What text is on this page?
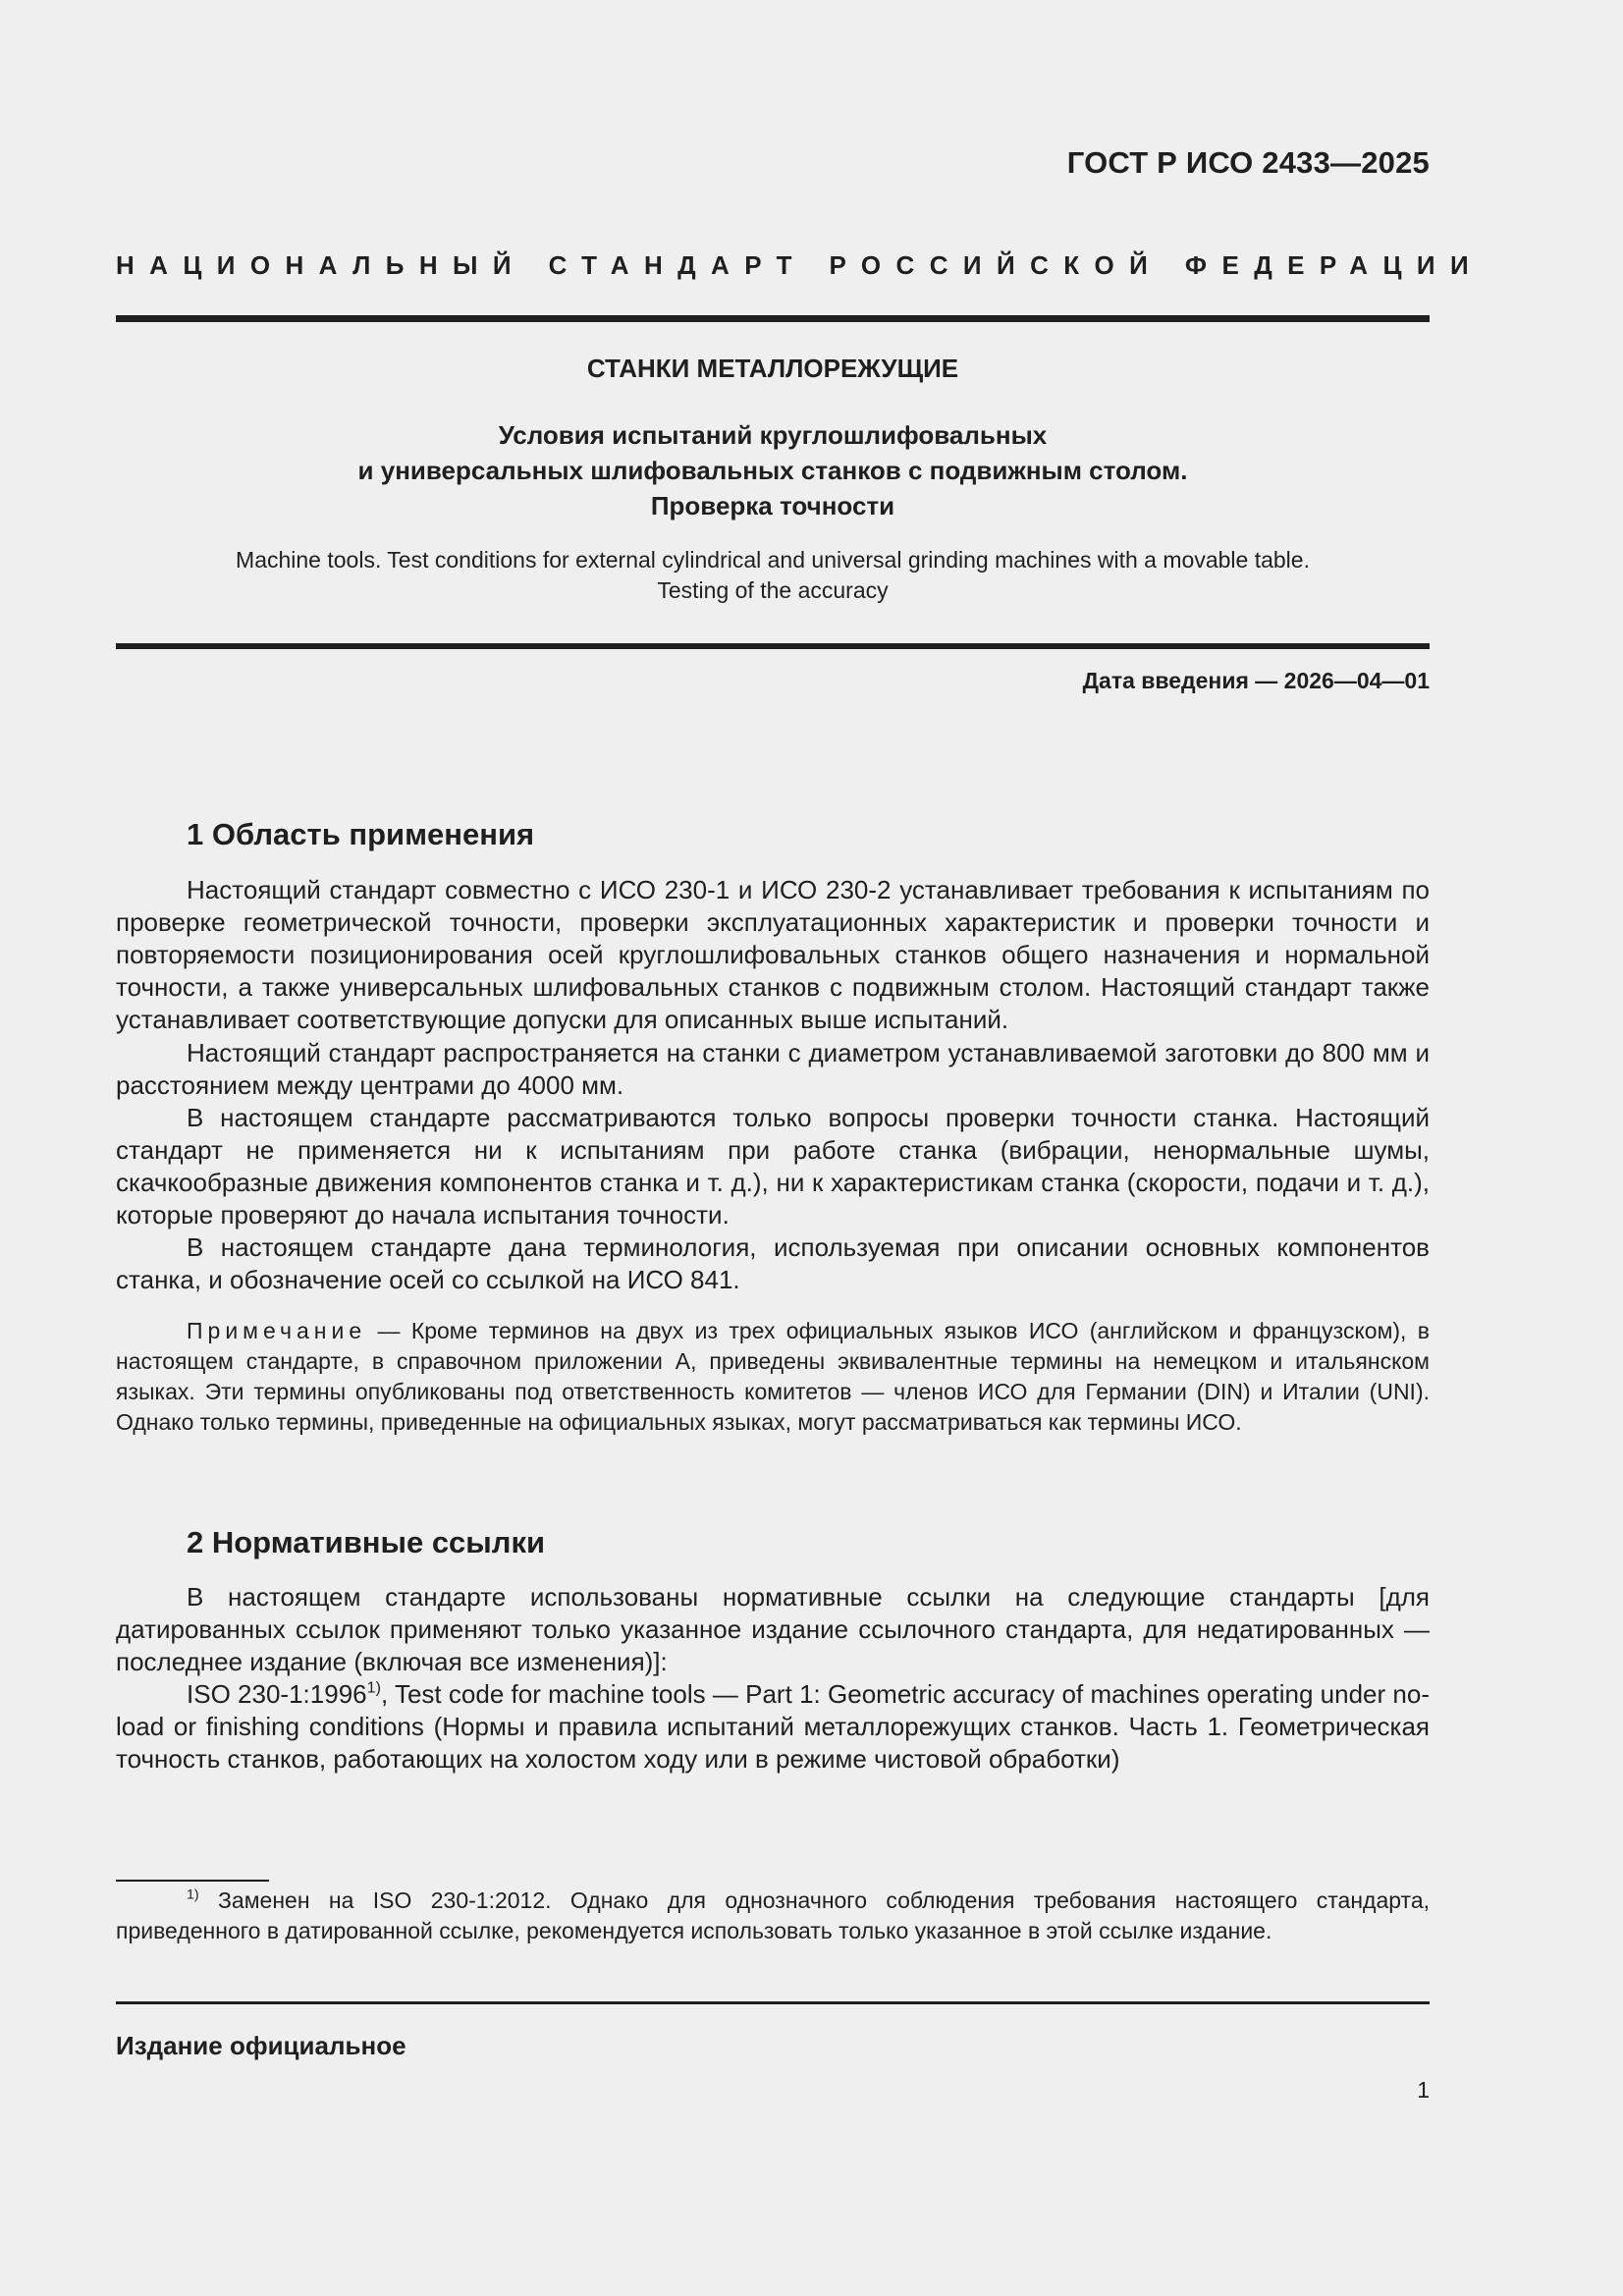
ГОСТ Р ИСО 2433—2025
НАЦИОНАЛЬНЫЙ СТАНДАРТ РОССИЙСКОЙ ФЕДЕРАЦИИ
СТАНКИ МЕТАЛЛОРЕЖУЩИЕ
Условия испытаний круглошлифовальных
и универсальных шлифовальных станков с подвижным столом.
Проверка точности
Machine tools. Test conditions for external cylindrical and universal grinding machines with a movable table.
Testing of the accuracy
Дата введения — 2026—04—01
1 Область применения

Настоящий стандарт совместно с ИСО 230-1 и ИСО 230-2 устанавливает требования к испытаниям по проверке геометрической точности, проверки эксплуатационных характеристик и проверки точности и повторяемости позиционирования осей круглошлифовальных станков общего назначения и нормальной точности, а также универсальных шлифовальных станков с подвижным столом. Настоящий стандарт также устанавливает соответствующие допуски для описанных выше испытаний.

Настоящий стандарт распространяется на станки с диаметром устанавливаемой заготовки до 800 мм и расстоянием между центрами до 4000 мм.

В настоящем стандарте рассматриваются только вопросы проверки точности станка. Настоящий стандарт не применяется ни к испытаниям при работе станка (вибрации, ненормальные шумы, скачкообразные движения компонентов станка и т. д.), ни к характеристикам станка (скорости, подачи и т. д.), которые проверяют до начала испытания точности.

В настоящем стандарте дана терминология, используемая при описании основных компонентов станка, и обозначение осей со ссылкой на ИСО 841.

Примечание — Кроме терминов на двух из трех официальных языков ИСО (английском и французском), в настоящем стандарте, в справочном приложении А, приведены эквивалентные термины на немецком и итальянском языках. Эти термины опубликованы под ответственность комитетов — членов ИСО для Германии (DIN) и Италии (UNI). Однако только термины, приведенные на официальных языках, могут рассматриваться как термины ИСО.

2 Нормативные ссылки

В настоящем стандарте использованы нормативные ссылки на следующие стандарты [для датированных ссылок применяют только указанное издание ссылочного стандарта, для недатированных — последнее издание (включая все изменения)]:

ISO 230-1:1996$^{1)}$, Test code for machine tools — Part 1: Geometric accuracy of machines operating under no-load or finishing conditions (Нормы и правила испытаний металлорежущих станков. Часть 1. Геометрическая точность станков, работающих на холостом ходу или в режиме чистовой обработки)

$^{1)}$ Заменен на ISO 230-1:2012. Однако для однозначного соблюдения требования настоящего стандарта, приведенного в датированной ссылке, рекомендуется использовать только указанное в этой ссылке издание.

Издание официальное
1
